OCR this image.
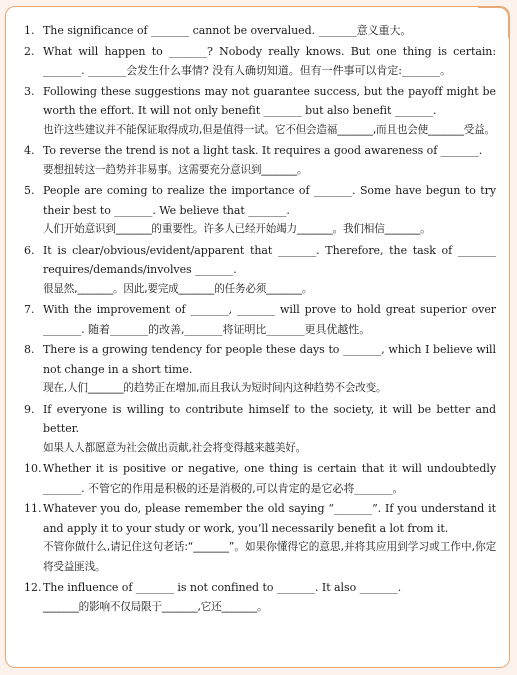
1. The significance of _______ cannot be overvalued. _______意义重大。

2. What will happen to _______? Nobody really knows. But one thing is certain: _______. _______会发生什么事情? 没有人确切知道。但有一件事可以肯定:_______。

3. Following these suggestions may not guarantee success, but the payoff might be worth the effort. It will not only benefit _______ but also benefit _______.

也许这些建议并不能保证取得成功,但是值得一试。它不但会造福_______,而且也会使_______受益。

4. To reverse the trend is not a light task. It requires a good awareness of _______.

要想扭转这一趋势并非易事。这需要充分意识到_______。

5. People are coming to realize the importance of _______. Some have begun to try their best to _______. We believe that _______.

人们开始意识到_______的重要性。许多人已经开始竭力_______。我们相信_______。

6. It is clear/obvious/evident/apparent that _______. Therefore, the task of _______ requires/demands/involves _______.

很显然,_______。因此,要完成_______的任务必须_______。

7. With the improvement of _______, _______ will prove to hold great superior over _______. 随着_______的改善,_______将证明比_______更具优越性。

8. There is a growing tendency for people these days to _______, which I believe will not change in a short time.

现在,人们_______的趋势正在增加,而且我认为短时间内这种趋势不会改变。

9. If everyone is willing to contribute himself to the society, it will be better and better.

如果人人都愿意为社会做出贡献,社会将变得越来越美好。

10. Whether it is positive or negative, one thing is certain that it will undoubtedly _______. 不管它的作用是积极的还是消极的,可以肯定的是它必将_______。

11. Whatever you do, please remember the old saying “_______”. If you understand it and apply it to your study or work, you’ll necessarily benefit a lot from it.

不管你做什么,请记住这句老话:“_______”。如果你懂得它的意思,并将其应用到学习或工作中,你定将受益匪浅。

12. The influence of _______ is not confined to _______. It also _______.

_______的影响不仅局限于_______,它还_______。
